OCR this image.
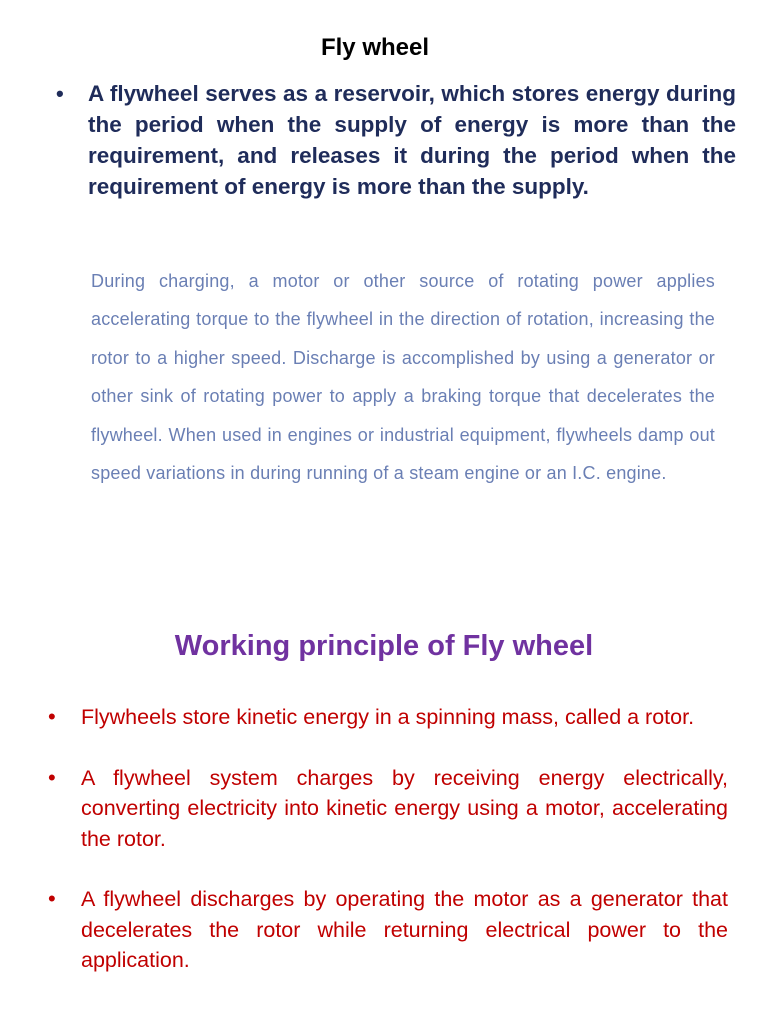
Fly wheel
•	A flywheel serves as a reservoir, which stores energy during the period when the supply of energy is more than the requirement, and releases it during the period when the requirement of energy is more than the supply.
During charging, a motor or other source of rotating power applies accelerating torque to the flywheel in the direction of rotation, increasing the rotor to a higher speed. Discharge is accomplished by using a generator or other sink of rotating power to apply a braking torque that decelerates the flywheel. When used in engines or industrial equipment, flywheels damp out speed variations in during running of a steam engine or an I.C. engine.
Working principle of Fly wheel
•	Flywheels store kinetic energy in a spinning mass, called a rotor.
•	A flywheel system charges by receiving energy electrically, converting electricity into kinetic energy using a motor, accelerating the rotor.
•	A flywheel discharges by operating the motor as a generator that decelerates the rotor while returning electrical power to the application.
